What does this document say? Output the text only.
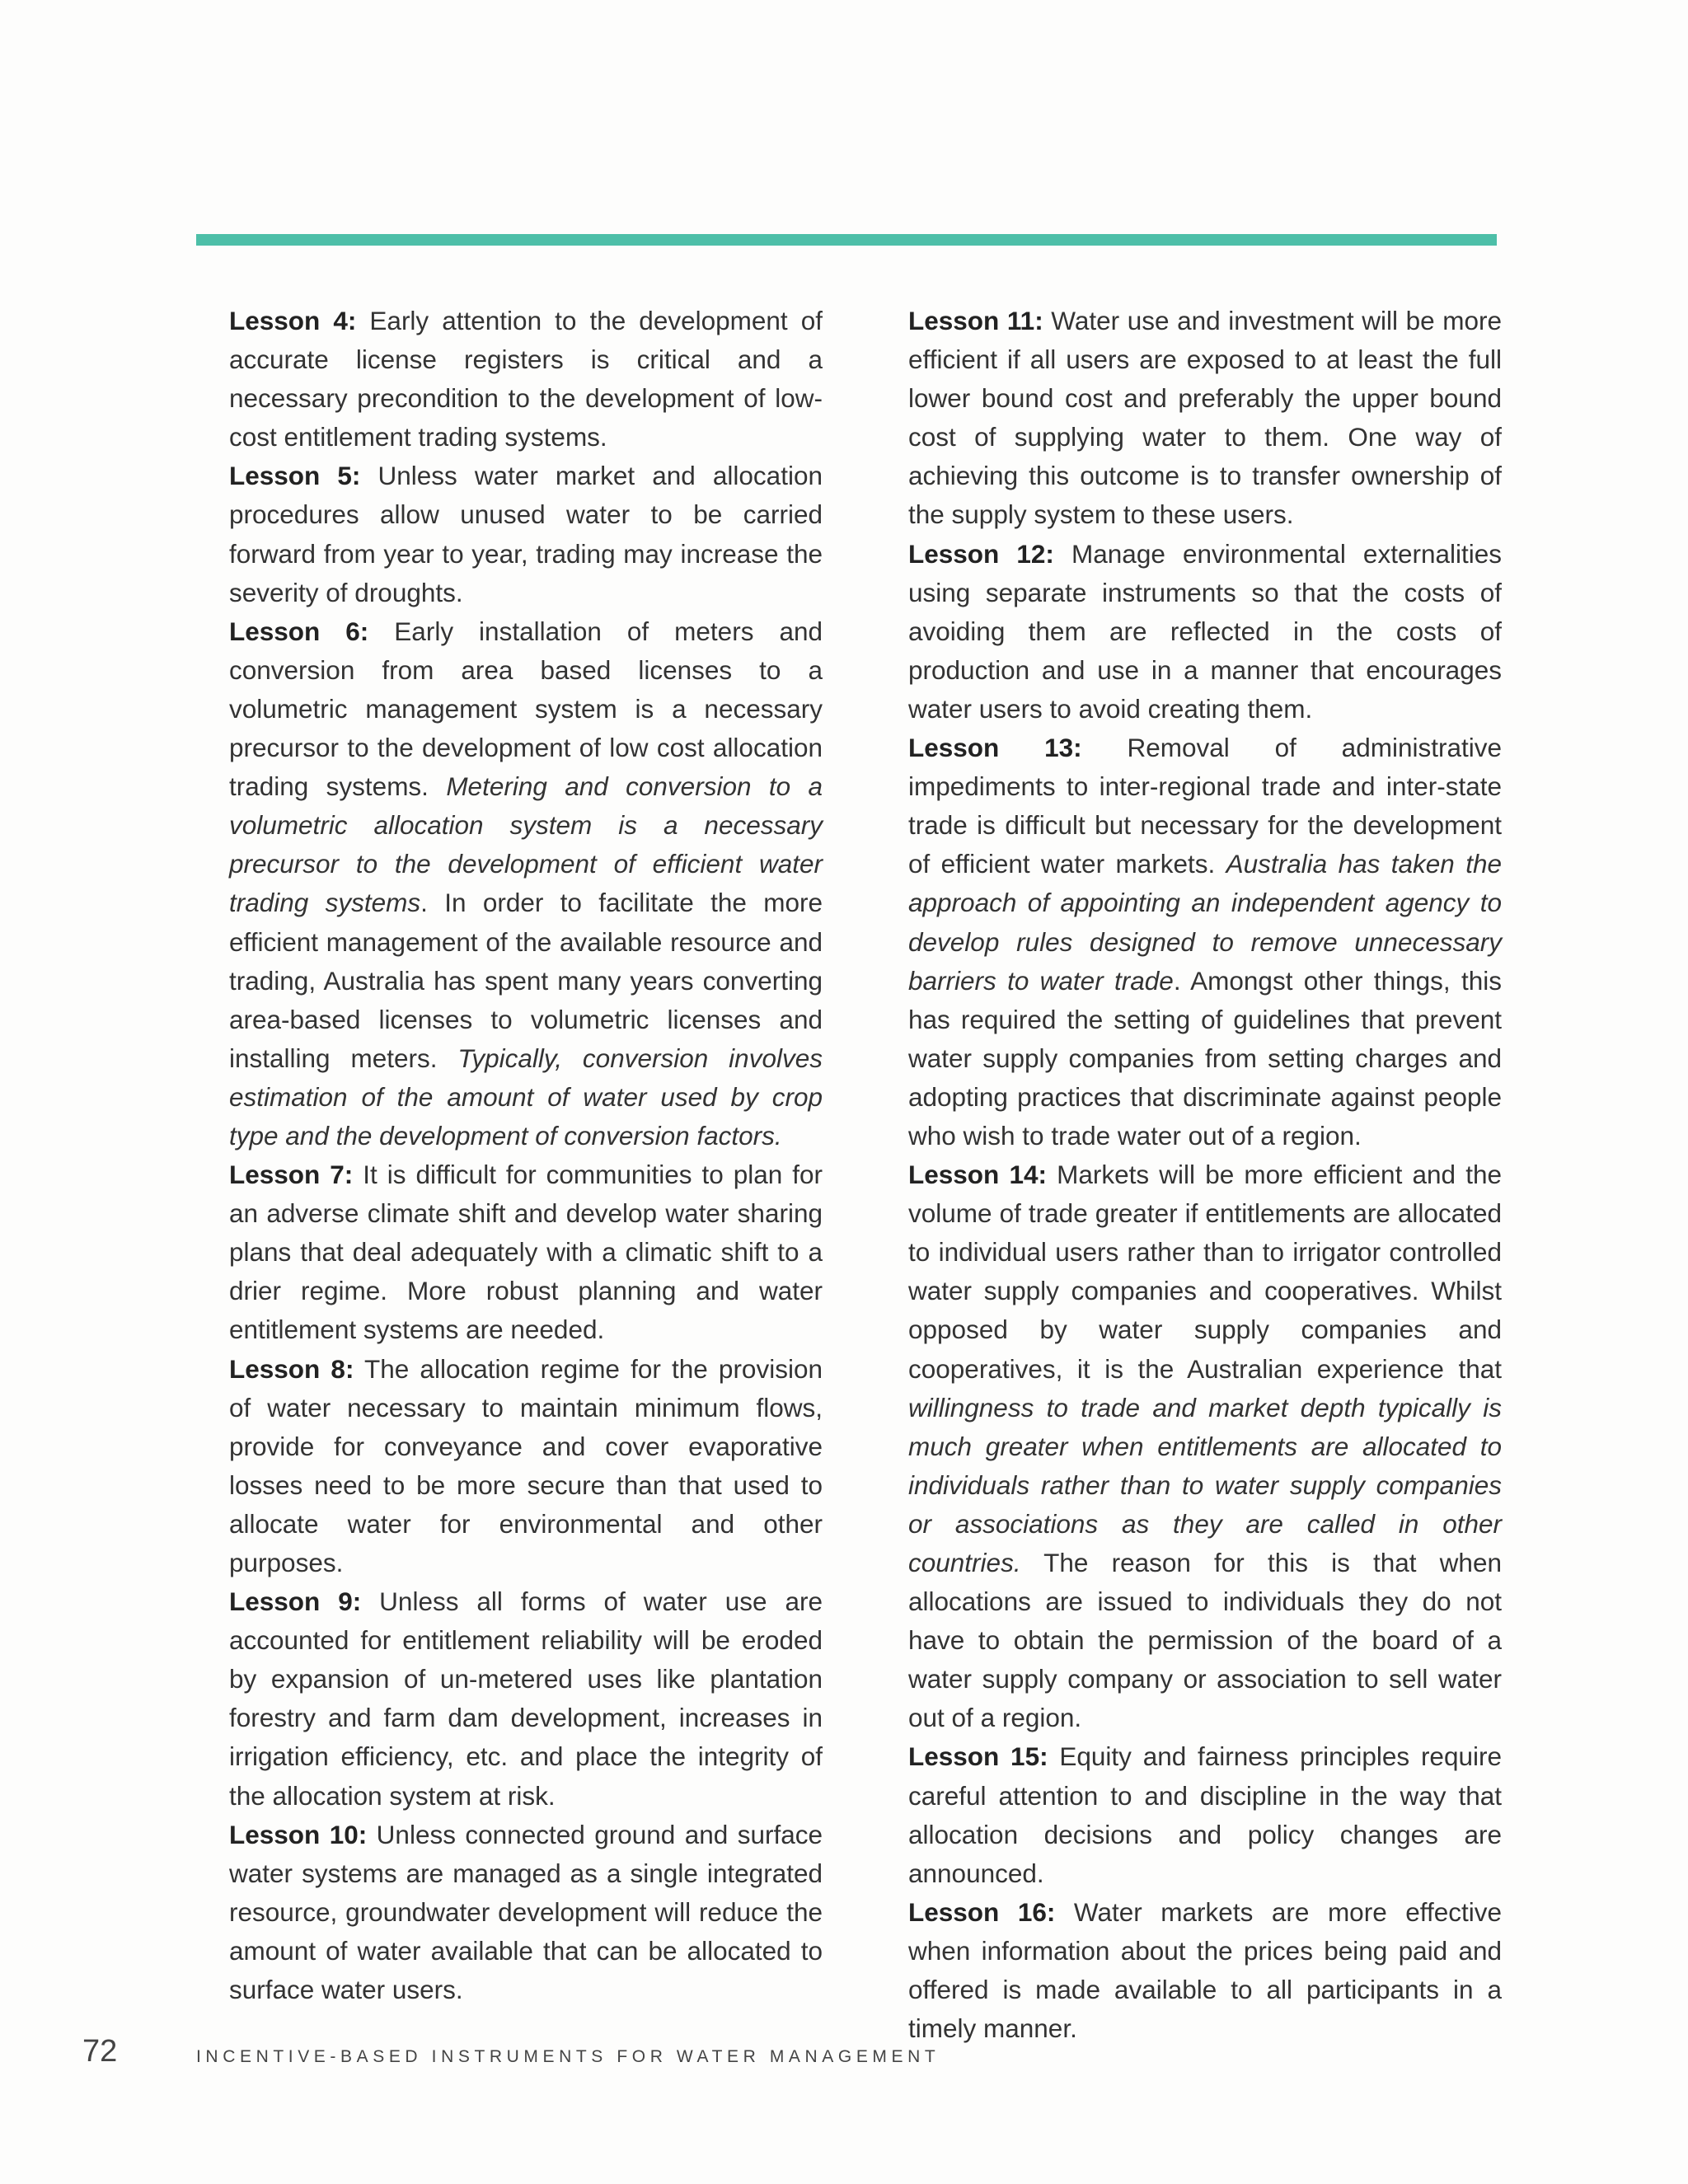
Lesson 4: Early attention to the development of accurate license registers is critical and a necessary precondition to the development of low-cost entitlement trading systems.

Lesson 5: Unless water market and allocation procedures allow unused water to be carried forward from year to year, trading may increase the severity of droughts.

Lesson 6: Early installation of meters and conversion from area based licenses to a volumetric management system is a necessary precursor to the development of low cost allocation trading systems. Metering and conversion to a volumetric allocation system is a necessary precursor to the development of efficient water trading systems. In order to facilitate the more efficient management of the available resource and trading, Australia has spent many years converting area-based licenses to volumetric licenses and installing meters. Typically, conversion involves estimation of the amount of water used by crop type and the development of conversion factors.

Lesson 7: It is difficult for communities to plan for an adverse climate shift and develop water sharing plans that deal adequately with a climatic shift to a drier regime. More robust planning and water entitlement systems are needed.

Lesson 8: The allocation regime for the provision of water necessary to maintain minimum flows, provide for conveyance and cover evaporative losses need to be more secure than that used to allocate water for environmental and other purposes.

Lesson 9: Unless all forms of water use are accounted for entitlement reliability will be eroded by expansion of un-metered uses like plantation forestry and farm dam development, increases in irrigation efficiency, etc. and place the integrity of the allocation system at risk.

Lesson 10: Unless connected ground and surface water systems are managed as a single integrated resource, groundwater development will reduce the amount of water available that can be allocated to surface water users.

Lesson 11: Water use and investment will be more efficient if all users are exposed to at least the full lower bound cost and preferably the upper bound cost of supplying water to them. One way of achieving this outcome is to transfer ownership of the supply system to these users.

Lesson 12: Manage environmental externalities using separate instruments so that the costs of avoiding them are reflected in the costs of production and use in a manner that encourages water users to avoid creating them.

Lesson 13: Removal of administrative impediments to inter-regional trade and inter-state trade is difficult but necessary for the development of efficient water markets. Australia has taken the approach of appointing an independent agency to develop rules designed to remove unnecessary barriers to water trade. Amongst other things, this has required the setting of guidelines that prevent water supply companies from setting charges and adopting practices that discriminate against people who wish to trade water out of a region.

Lesson 14: Markets will be more efficient and the volume of trade greater if entitlements are allocated to individual users rather than to irrigator controlled water supply companies and cooperatives. Whilst opposed by water supply companies and cooperatives, it is the Australian experience that willingness to trade and market depth typically is much greater when entitlements are allocated to individuals rather than to water supply companies or associations as they are called in other countries. The reason for this is that when allocations are issued to individuals they do not have to obtain the permission of the board of a water supply company or association to sell water out of a region.

Lesson 15: Equity and fairness principles require careful attention to and discipline in the way that allocation decisions and policy changes are announced.

Lesson 16: Water markets are more effective when information about the prices being paid and offered is made available to all participants in a timely manner.

72	INCENTIVE-BASED INSTRUMENTS FOR WATER MANAGEMENT
